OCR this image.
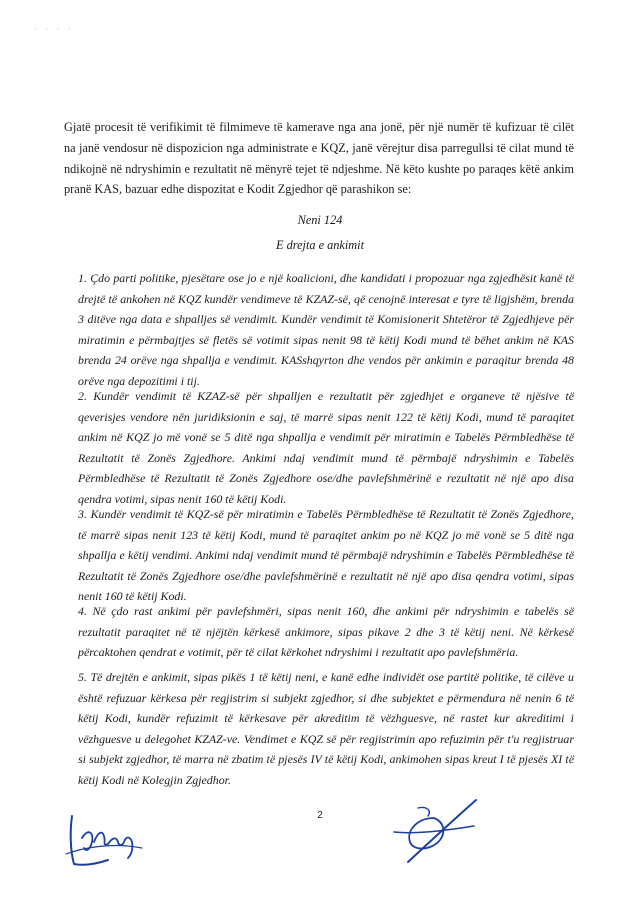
· · · ·

Gjatë procesit të verifikimit të filmimeve të kamerave nga ana jonë, për një numër të kufizuar të cilët na janë vendosur në dispozicion nga administrate e KQZ, janë vërejtur disa parregullsi të cilat mund të ndikojnë në ndryshimin e rezultatit në mënyrë tejet të ndjeshme. Në këto kushte po paraqes këtë ankim pranë KAS, bazuar edhe dispozitat e Kodit Zgjedhor që parashikon se:

Neni 124

E drejta e ankimit

1. Çdo parti politike, pjesëtare ose jo e një koalicioni, dhe kandidati i propozuar nga zgjedhësit kanë të drejtë të ankohen në KQZ kundër vendimeve të KZAZ-së, që cenojnë interesat e tyre të ligjshëm, brenda 3 ditëve nga data e shpalljes së vendimit. Kundër vendimit të Komisionerit Shtetëror të Zgjedhjeve për miratimin e përmbajtjes së fletës së votimit sipas nenit 98 të këtij Kodi mund të bëhet ankim në KAS brenda 24 orëve nga shpallja e vendimit. KASshqyrton dhe vendos për ankimin e paraqitur brenda 48 orëve nga depozitimi i tij.

2. Kundër vendimit të KZAZ-së për shpalljen e rezultatit për zgjedhjet e organeve të njësive të qeverisjes vendore nën juridiksionin e saj, të marrë sipas nenit 122 të këtij Kodi, mund të paraqitet ankim në KQZ jo më vonë se 5 ditë nga shpallja e vendimit për miratimin e Tabelës Përmbledhëse të Rezultatit të Zonës Zgjedhore. Ankimi ndaj vendimit mund të përmbajë ndryshimin e Tabelës Përmbledhëse të Rezultatit të Zonës Zgjedhore ose/dhe pavlefshmërinë e rezultatit në një apo disa qendra votimi, sipas nenit 160 të këtij Kodi.

3. Kundër vendimit të KQZ-së për miratimin e Tabelës Përmbledhëse të Rezultatit të Zonës Zgjedhore, të marrë sipas nenit 123 të këtij Kodi, mund të paraqitet ankim po në KQZ jo më vonë se 5 ditë nga shpallja e këtij vendimi. Ankimi ndaj vendimit mund të përmbajë ndryshimin e Tabelës Përmbledhëse të Rezultatit të Zonës Zgjedhore ose/dhe pavlefshmërinë e rezultatit në një apo disa qendra votimi, sipas nenit 160 të këtij Kodi.

4. Në çdo rast ankimi për pavlefshmëri, sipas nenit 160, dhe ankimi për ndryshimin e tabelës së rezultatit paraqitet në të njëjtën kërkesë ankimore, sipas pikave 2 dhe 3 të këtij neni. Në kërkesë përcaktohen qendrat e votimit, për të cilat kërkohet ndryshimi i rezultatit apo pavlefshmëria.

5. Të drejtën e ankimit, sipas pikës 1 të këtij neni, e kanë edhe individët ose partitë politike, të cilëve u është refuzuar kërkesa për regjistrim si subjekt zgjedhor, si dhe subjektet e përmendura në nenin 6 të këtij Kodi, kundër refuzimit të kërkesave për akreditim të vëzhguesve, në rastet kur akreditimi i vëzhguesve u delegohet KZAZ-ve. Vendimet e KQZ së për regjistrimin apo refuzimin për t'u regjistruar si subjekt zgjedhor, të marra në zbatim të pjesës IV të këtij Kodi, ankimohen sipas kreut I të pjesës XI të këtij Kodi në Kolegjin Zgjedhor.

2
